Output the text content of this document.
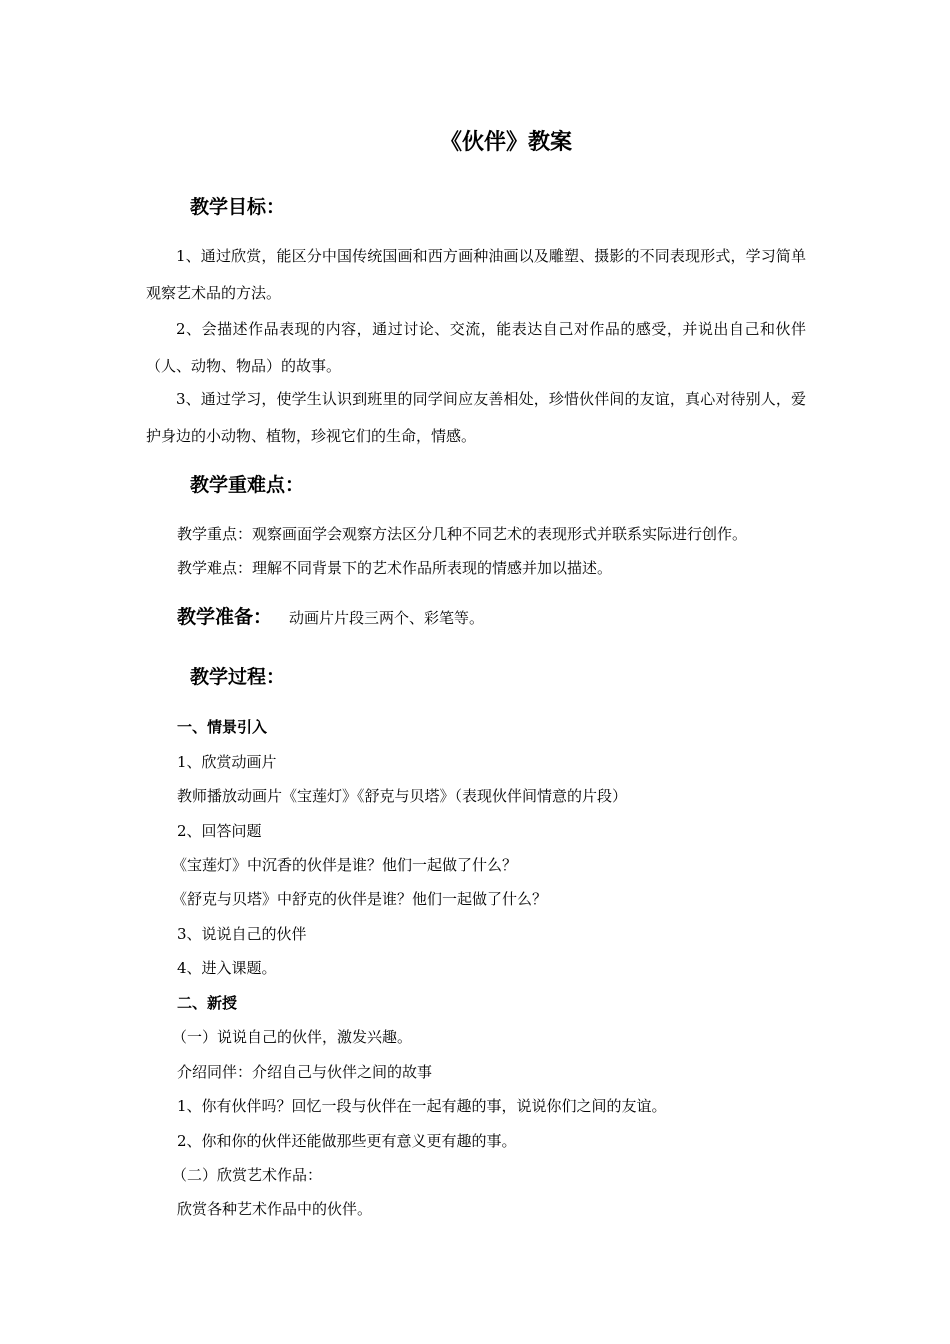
《伙伴》教案
教学目标：
1、通过欣赏，能区分中国传统国画和西方画种油画以及雕塑、摄影的不同表现形式，学习简单观察艺术品的方法。
2、会描述作品表现的内容，通过讨论、交流，能表达自己对作品的感受，并说出自己和伙伴（人、动物、物品）的故事。
3、通过学习，使学生认识到班里的同学间应友善相处，珍惜伙伴间的友谊，真心对待别人，爱护身边的小动物、植物，珍视它们的生命，情感。
教学重难点：
教学重点：观察画面学会观察方法区分几种不同艺术的表现形式并联系实际进行创作。
教学难点：理解不同背景下的艺术作品所表现的情感并加以描述。
教学准备： 动画片片段三两个、彩笔等。
教学过程：
一、情景引入
1、欣赏动画片
教师播放动画片《宝莲灯》《舒克与贝塔》（表现伙伴间情意的片段）
2、回答问题
《宝莲灯》中沉香的伙伴是谁？他们一起做了什么？
《舒克与贝塔》中舒克的伙伴是谁？他们一起做了什么？
3、说说自己的伙伴
4、进入课题。
二、新授
（一）说说自己的伙伴，激发兴趣。
介绍同伴：介绍自己与伙伴之间的故事
1、你有伙伴吗？回忆一段与伙伴在一起有趣的事，说说你们之间的友谊。
2、你和你的伙伴还能做那些更有意义更有趣的事。
（二）欣赏艺术作品：
欣赏各种艺术作品中的伙伴。
